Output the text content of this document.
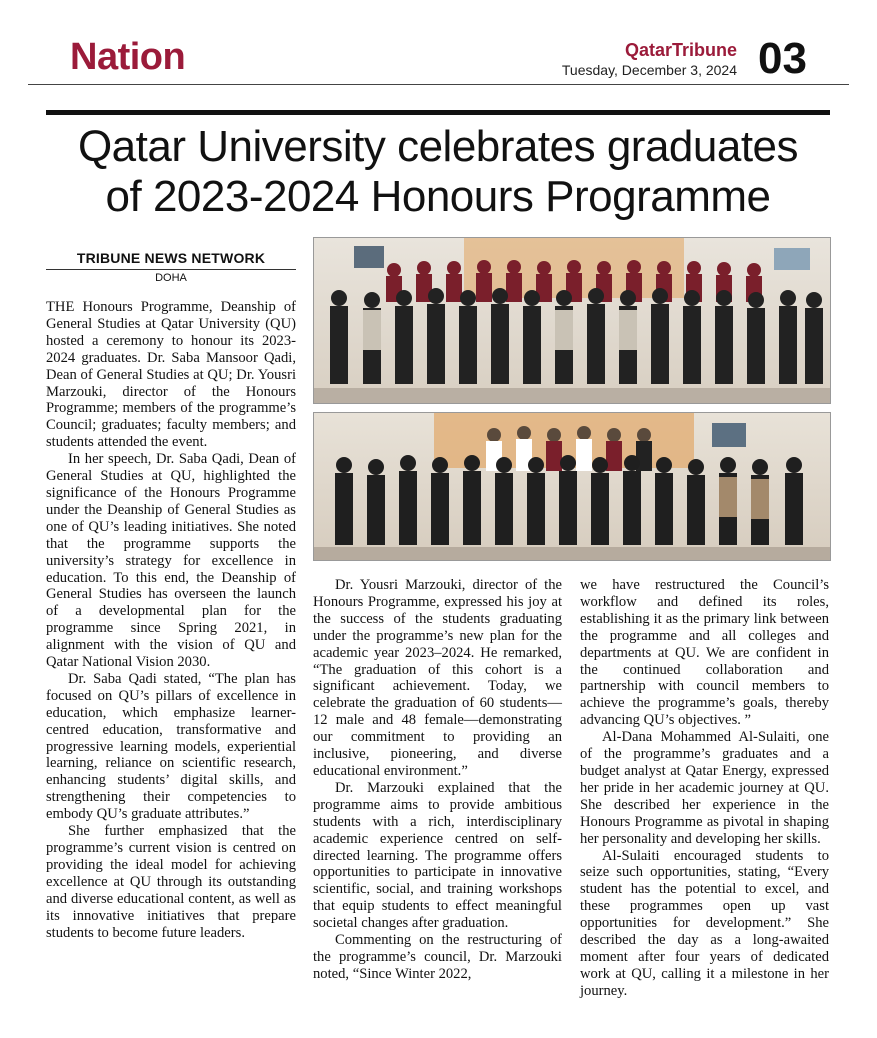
Nation	QatarTribune
Tuesday, December 3, 2024 03
Qatar University celebrates graduates
of 2023-2024 Honours Programme
TRIBUNE NEWS NETWORK
DOHA

THE Honours Programme, Deanship of General Studies at Qatar University (QU) hosted a ceremony to honour its 2023-2024 graduates. Dr. Saba Mansoor Qadi, Dean of General Studies at QU; Dr. Yousri Marzouki, director of the Honours Programme; members of the programme’s Council; graduates; faculty members; and students attended the event.

In her speech, Dr. Saba Qadi, Dean of General Studies at QU, highlighted the significance of the Honours Programme under the Deanship of General Studies as one of QU’s leading initiatives. She noted that the programme supports the university’s strategy for excellence in education. To this end, the Deanship of General Studies has overseen the launch of a developmental plan for the programme since Spring 2021, in alignment with the vision of QU and Qatar National Vision 2030.

Dr. Saba Qadi stated, “The plan has focused on QU’s pillars of excellence in education, which emphasize learner-centred education, transformative and progressive learning models, experiential learning, reliance on scientific research, enhancing students’ digital skills, and strengthening their competencies to embody QU’s graduate attributes.”

She further emphasized that the programme’s current vision is centred on providing the ideal model for achieving excellence at QU through its outstanding and diverse educational content, as well as its innovative initiatives that prepare students to become future leaders.

Dr. Yousri Marzouki, director of the Honours Programme, expressed his joy at the success of the students graduating under the programme’s new plan for the academic year 2023–2024. He remarked, “The graduation of this cohort is a significant achievement. Today, we celebrate the graduation of 60 students—12 male and 48 female—demonstrating our commitment to providing an inclusive, pioneering, and diverse educational environment.”

Dr. Marzouki explained that the programme aims to provide ambitious students with a rich, interdisciplinary academic experience centred on self-directed learning. The programme offers opportunities to participate in innovative scientific, social, and training workshops that equip students to effect meaningful societal changes after graduation.

Commenting on the restructuring of the programme’s council, Dr. Marzouki noted, “Since Winter 2022,

we have restructured the Council’s workflow and defined its roles, establishing it as the primary link between the programme and all colleges and departments at QU. We are confident in the continued collaboration and partnership with council members to achieve the programme’s goals, thereby advancing QU’s objectives. ”

Al-Dana Mohammed Al-Sulaiti, one of the programme’s graduates and a budget analyst at Qatar Energy, expressed her pride in her academic journey at QU. She described her experience in the Honours Programme as pivotal in shaping her personality and developing her skills.

Al-Sulaiti encouraged students to seize such opportunities, stating, “Every student has the potential to excel, and these programmes open up vast opportunities for development.” She described the day as a long-awaited moment after four years of dedicated work at QU, calling it a milestone in her journey.
